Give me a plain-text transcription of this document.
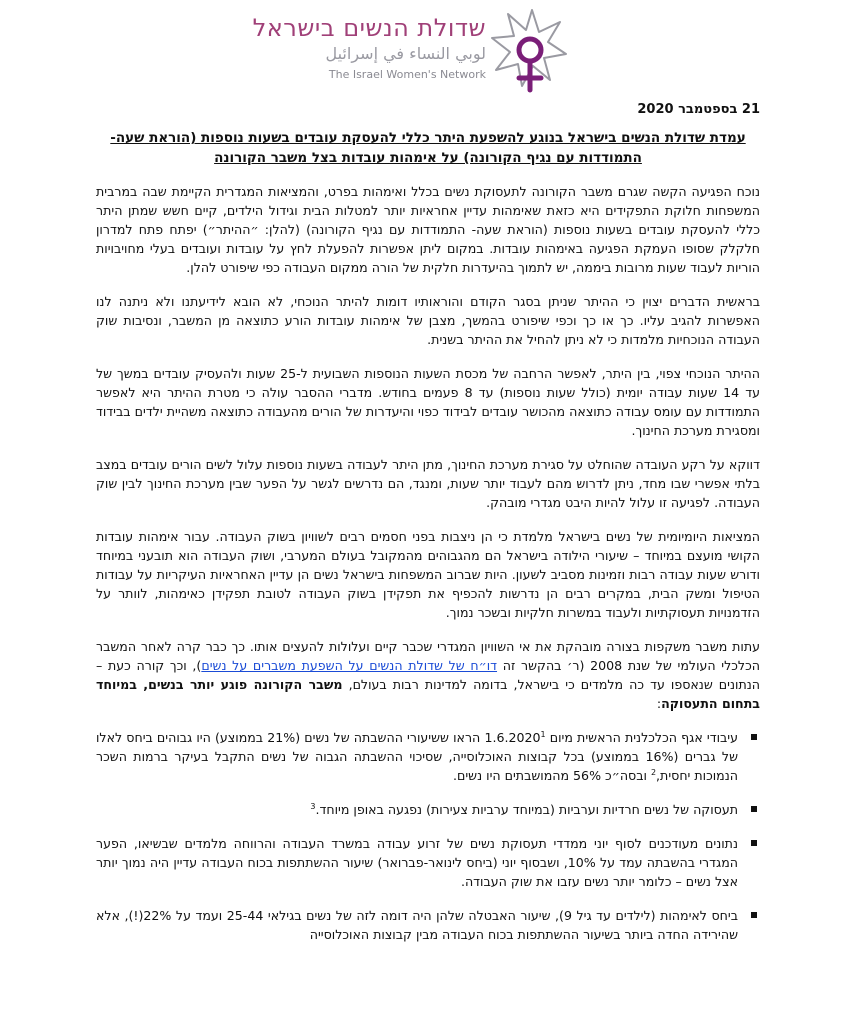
שדולת הנשים בישראל
لوبي النساء في إسرائيل
The Israel Women's Network
21 בספטמבר 2020
עמדת שדולת הנשים בישראל בנוגע להשפעת היתר כללי להעסקת עובדים בשעות נוספות (הוראת שעה- התמודדות עם נגיף הקורונה) על אימהות עובדות בצל משבר הקורונה

נוכח הפגיעה הקשה שגרם משבר הקורונה לתעסוקת נשים בכלל ואימהות בפרט, והמציאות המגדרית הקיימת שבה במרבית המשפחות חלוקת התפקידים היא כזאת שאימהות עדיין אחראיות יותר למטלות הבית וגידול הילדים, קיים חשש שמתן היתר כללי להעסקת עובדים בשעות נוספות (הוראת שעה- התמודדות עם נגיף הקורונה) (להלן: ״ההיתר״) יפתח פתח למדרון חלקלק שסופו העמקת הפגיעה באימהות עובדות. במקום ליתן אפשרות להפעלת לחץ על עובדות ועובדים בעלי מחויבויות הוריות לעבוד שעות מרובות ביממה, יש לתמוך בהיעדרות חלקית של הורה ממקום העבודה כפי שיפורט להלן.

בראשית הדברים יצוין כי ההיתר שניתן בסגר הקודם והוראותיו דומות להיתר הנוכחי, לא הובא לידיעתנו ולא ניתנה לנו האפשרות להגיב עליו. כך או כך וכפי שיפורט בהמשך, מצבן של אימהות עובדות הורע כתוצאה מן המשבר, ונסיבות שוק העבודה הנוכחיות מלמדות כי לא ניתן להחיל את ההיתר בשנית.

ההיתר הנוכחי צפוי, בין היתר, לאפשר הרחבה של מכסת השעות הנוספות השבועית ל-25 שעות ולהעסיק עובדים במשך של עד 14 שעות עבודה יומית (כולל שעות נוספות) עד 8 פעמים בחודש. מדברי ההסבר עולה כי מטרת ההיתר היא לאפשר התמודדות עם עומס עבודה כתוצאה מהכושר עובדים לבידוד כפוי והיעדרות של הורים מהעבודה כתוצאה משהיית ילדים בבידוד ומסגירת מערכת החינוך.

דווקא על רקע העובדה שהוחלט על סגירת מערכת החינוך, מתן היתר לעבודה בשעות נוספות עלול לשים הורים עובדים במצב בלתי אפשרי שבו מחד, ניתן לדרוש מהם לעבוד יותר שעות, ומנגד, הם נדרשים לגשר על הפער שבין מערכת החינוך לבין שוק העבודה. לפגיעה זו עלול להיות היבט מגדרי מובהק.

המציאות היומיומית של נשים בישראל מלמדת כי הן ניצבות בפני חסמים רבים לשוויון בשוק העבודה. עבור אימהות עובדות הקושי מועצם במיוחד – שיעורי הילודה בישראל הם מהגבוהים מהמקובל בעולם המערבי, ושוק העבודה הוא תובעני במיוחד ודורש שעות עבודה רבות וזמינות מסביב לשעון. היות שברוב המשפחות בישראל נשים הן עדיין האחראיות העיקריות על עבודות הטיפול ומשק הבית, במקרים רבים הן נדרשות להכפיף את תפקידן בשוק העבודה לטובת תפקידן כאימהות, לוותר על הזדמנויות תעסוקתיות ולעבוד במשרות חלקיות ובשכר נמוך.

עתות משבר משקפות בצורה מובהקת את אי השוויון המגדרי שכבר קיים ועלולות להעצים אותו. כך כבר קרה לאחר המשבר הכלכלי העולמי של שנת 2008 (ר׳ בהקשר זה דו״ח של שדולת הנשים על השפעת משברים על נשים), וכך קורה כעת – הנתונים שנאספו עד כה מלמדים כי בישראל, בדומה למדינות רבות בעולם, משבר הקורונה פוגע יותר בנשים, במיוחד בתחום התעסוקה:

עיבודי אגף הכלכלנית הראשית מיום 1.6.2020$^1$ הראו ששיעורי ההשבתה של נשים (21% בממוצע) היו גבוהים ביחס לאלו של גברים (16% בממוצע) בכל קבוצות האוכלוסייה, שסיכוי ההשבתה הגבוה של נשים התקבל בעיקר ברמות השכר הנמוכות יחסית,$^2$ ובסה״כ 56% מהמושבתים היו נשים.
תעסוקה של נשים חרדיות וערביות (במיוחד ערביות צעירות) נפגעה באופן מיוחד.$^3$
נתונים מעודכנים לסוף יוני ממדדי תעסוקת נשים של זרוע עבודה במשרד העבודה והרווחה מלמדים שבשיאו, הפער המגדרי בהשבתה עמד על 10%, ושבסוף יוני (ביחס לינואר-פברואר) שיעור ההשתתפות בכוח העבודה עדיין היה נמוך יותר אצל נשים – כלומר יותר נשים עזבו את שוק העבודה.
ביחס לאימהות (לילדים עד גיל 9), שיעור האבטלה שלהן היה דומה לזה של נשים בגילאי 25-44 ועמד על 22%(!), אלא שהירידה החדה ביותר בשיעור ההשתתפות בכוח העבודה מבין קבוצות האוכלוסייה
